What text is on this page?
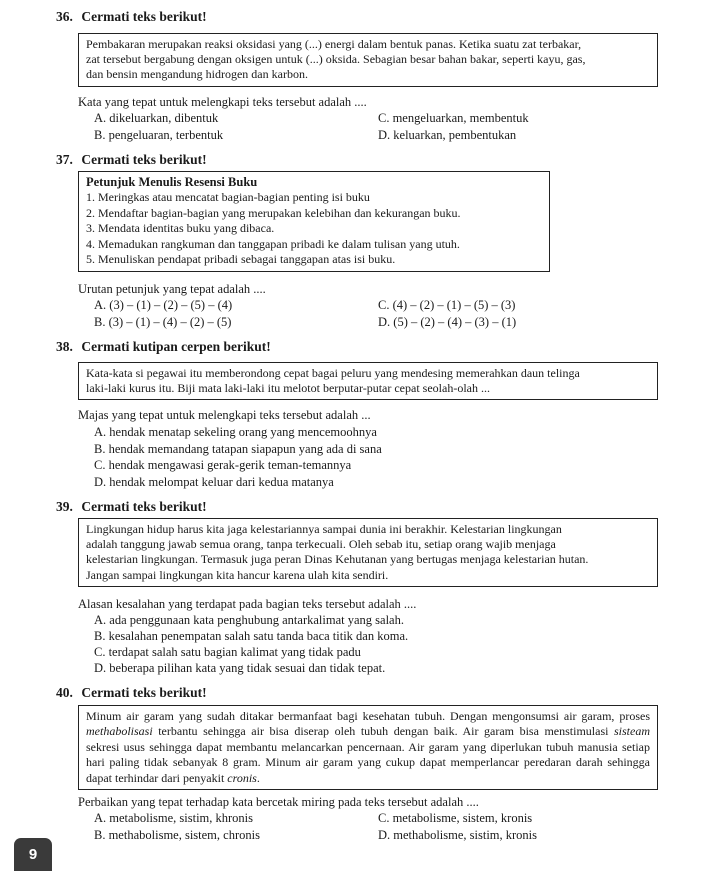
36. Cermati teks berikut!
Pembakaran merupakan reaksi oksidasi yang (...) energi dalam bentuk panas. Ketika suatu zat terbakar,
zat tersebut bergabung dengan oksigen untuk (...) oksida. Sebagian besar bahan bakar, seperti kayu, gas,
dan bensin mengandung hidrogen dan karbon.
Kata yang tepat untuk melengkapi teks tersebut adalah ....
A. dikeluarkan, dibentuk	C. mengeluarkan, membentuk
B. pengeluaran, terbentuk	D. keluarkan, pembentukan
37. Cermati teks berikut!
Petunjuk Menulis Resensi Buku
1. Meringkas atau mencatat bagian-bagian penting isi buku
2. Mendaftar bagian-bagian yang merupakan kelebihan dan kekurangan buku.
3. Mendata identitas buku yang dibaca.
4. Memadukan rangkuman dan tanggapan pribadi ke dalam tulisan yang utuh.
5. Menuliskan pendapat pribadi sebagai tanggapan atas isi buku.
Urutan petunjuk yang tepat adalah ....
A. (3) – (1) – (2) – (5) – (4)	C. (4) – (2) – (1) – (5) – (3)
B. (3) – (1) – (4) – (2) – (5)	D. (5) – (2) – (4) – (3) – (1)
38. Cermati kutipan cerpen berikut!
Kata-kata si pegawai itu memberondong cepat bagai peluru yang mendesing memerahkan daun telinga
laki-laki kurus itu. Biji mata laki-laki itu melotot berputar-putar cepat seolah-olah ...
Majas yang tepat untuk melengkapi teks tersebut adalah ...
A. hendak menatap sekeling orang yang mencemoohnya
B. hendak memandang tatapan siapapun yang ada di sana
C. hendak mengawasi gerak-gerik teman-temannya
D. hendak melompat keluar dari kedua matanya
39. Cermati teks berikut!
Lingkungan hidup harus kita jaga kelestariannya sampai dunia ini berakhir. Kelestarian lingkungan
adalah tanggung jawab semua orang, tanpa terkecuali. Oleh sebab itu, setiap orang wajib menjaga
kelestarian lingkungan. Termasuk juga peran Dinas Kehutanan yang bertugas menjaga kelestarian hutan.
Jangan sampai lingkungan kita hancur karena ulah kita sendiri.
Alasan kesalahan yang terdapat pada bagian teks tersebut adalah ....
A. ada penggunaan kata penghubung antarkalimat yang salah.
B. kesalahan penempatan salah satu tanda baca titik dan koma.
C. terdapat salah satu bagian kalimat yang tidak padu
D. beberapa pilihan kata yang tidak sesuai dan tidak tepat.
40. Cermati teks berikut!
Minum air garam yang sudah ditakar bermanfaat bagi kesehatan tubuh. Dengan mengonsumsi air garam, proses methabolisasi terbantu sehingga air bisa diserap oleh tubuh dengan baik. Air garam bisa menstimulasi sisteam sekresi usus sehingga dapat membantu melancarkan pencernaan. Air garam yang diperlukan tubuh manusia setiap hari paling tidak sebanyak 8 gram. Minum air garam yang cukup dapat memperlancar peredaran darah sehingga dapat terhindar dari penyakit cronis.
Perbaikan yang tepat terhadap kata bercetak miring pada teks tersebut adalah ....
A. metabolisme, sistim, khronis	C. metabolisme, sistem, kronis
B. methabolisme, sistem, chronis	D. methabolisme, sistim, kronis
9
